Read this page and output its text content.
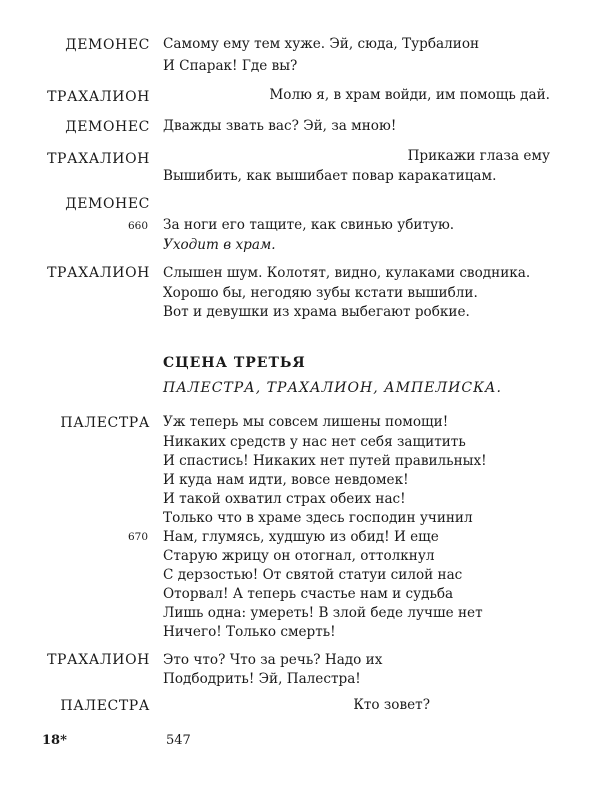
ДЕМОНЕС Самому ему тем хуже. Эй, сюда, Турбалион
И Спарак! Где вы?
ТРАХАЛИОН	Молю я, в храм войди, им помощь дай.
ДЕМОНЕС Дважды звать вас? Эй, за мною!
ТРАХАЛИОН	Прикажи глаза ему
Вышибить, как вышибает повар каракатицам.
ДЕМОНЕС
660 За ноги его тащите, как свинью убитую.
Уходит в храм.
ТРАХАЛИОН Слышен шум. Колотят, видно, кулаками сводника.
Хорошо бы, негодяю зубы кстати вышибли.
Вот и девушки из храма выбегают робкие.
СЦЕНА ТРЕТЬЯ
ПАЛЕСТРА, ТРАХАЛИОН, АМПЕЛИСКА.
ПАЛЕСТРА Уж теперь мы совсем лишены помощи!
Никаких средств у нас нет себя защитить
И спастись! Никаких нет путей правильных!
И куда нам идти, вовсе невдомек!
И такой охватил страх обеих нас!
Только что в храме здесь господин учинил
670 Нам, глумясь, худшую из обид! И еще
Старую жрицу он отогнал, оттолкнул
С дерзостью! От святой статуи силой нас
Оторвал! А теперь счастье нам и судьба
Лишь одна: умереть! В злой беде лучше нет
Ничего! Только смерть!
ТРАХАЛИОН Это что? Что за речь? Надо их
Подбодрить! Эй, Палестра!
ПАЛЕСТРА	Кто зовет?
18*	547
